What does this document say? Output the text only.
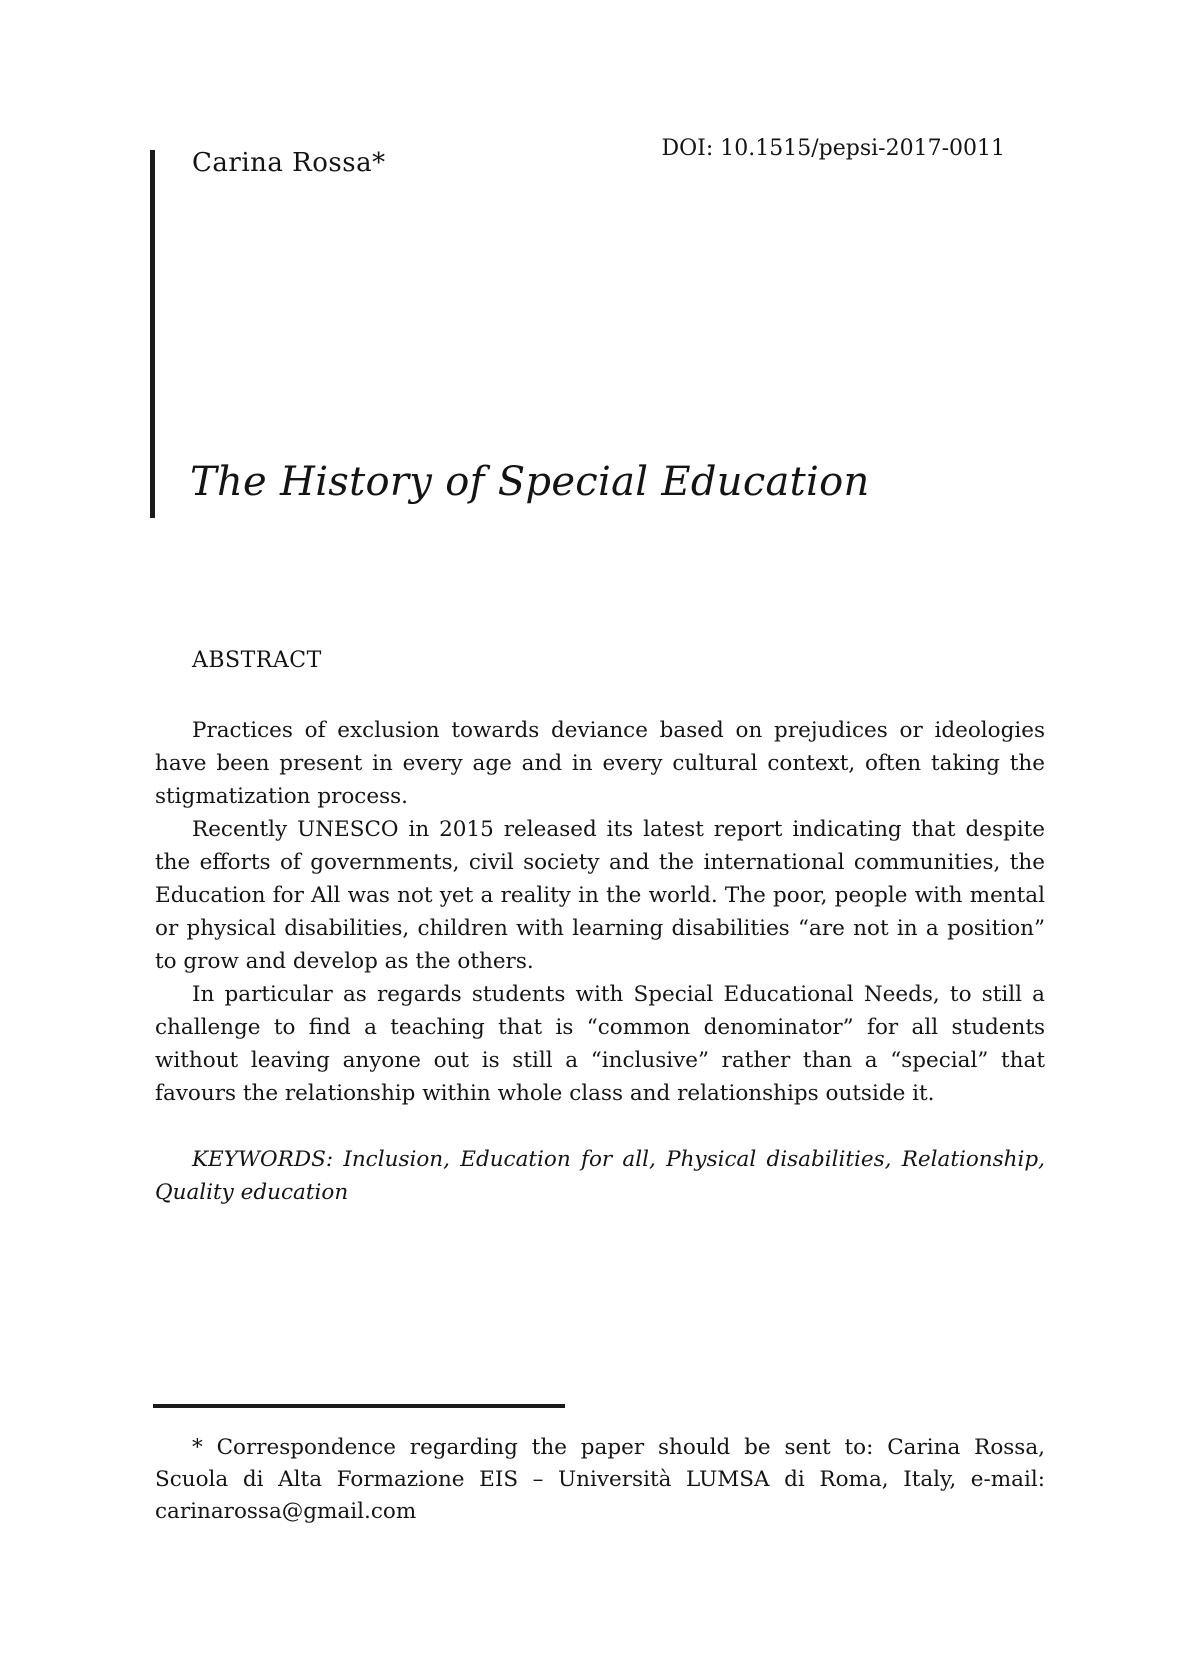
Carina Rossa*	DOI: 10.1515/pepsi-2017-0011
The History of Special Education
ABSTRACT

Practices of exclusion towards deviance based on prejudices or ideologies have been present in every age and in every cultural context, often taking the stigmatization process.

Recently UNESCO in 2015 released its latest report indicating that despite the efforts of governments, civil society and the international communities, the Education for All was not yet a reality in the world. The poor, people with mental or physical disabilities, children with learning disabilities “are not in a position” to grow and develop as the others.

In particular as regards students with Special Educational Needs, to still a challenge to find a teaching that is “common denominator” for all students without leaving anyone out is still a “inclusive” rather than a “special” that favours the relationship within whole class and relationships outside it.

KEYWORDS: Inclusion, Education for all, Physical disabilities, Relationship, Quality education
* Correspondence regarding the paper should be sent to: Carina Rossa, Scuola di Alta Formazione EIS – Università LUMSA di Roma, Italy, e-mail: carinarossa@gmail.com
